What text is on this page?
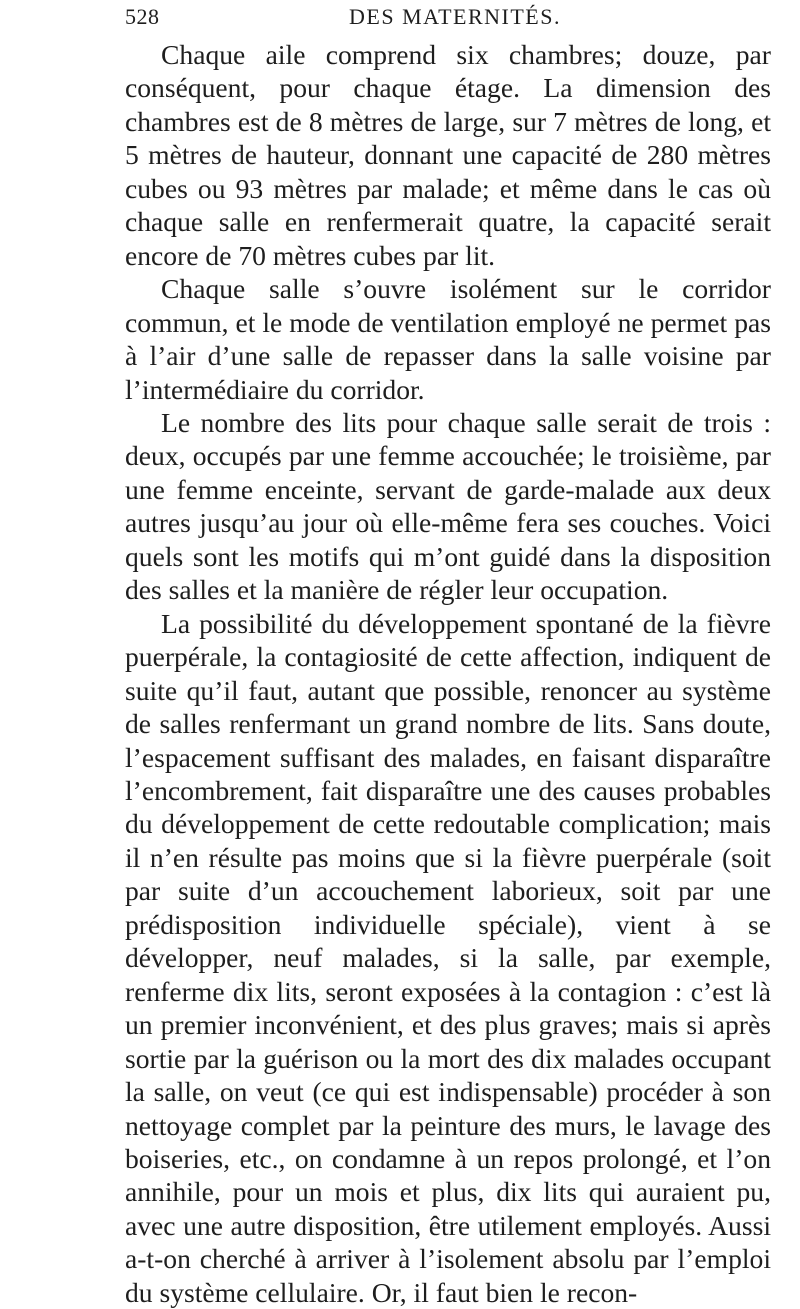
528	DES MATERNITÉS.

Chaque aile comprend six chambres; douze, par conséquent, pour chaque étage. La dimension des chambres est de 8 mètres de large, sur 7 mètres de long, et 5 mètres de hauteur, donnant une capacité de 280 mètres cubes ou 93 mètres par malade; et même dans le cas où chaque salle en renfermerait quatre, la capacité serait encore de 70 mètres cubes par lit.

Chaque salle s’ouvre isolément sur le corridor commun, et le mode de ventilation employé ne permet pas à l’air d’une salle de repasser dans la salle voisine par l’intermédiaire du corridor.

Le nombre des lits pour chaque salle serait de trois : deux, occupés par une femme accouchée; le troisième, par une femme enceinte, servant de garde-malade aux deux autres jusqu’au jour où elle-même fera ses couches. Voici quels sont les motifs qui m’ont guidé dans la disposition des salles et la manière de régler leur occupation.

La possibilité du développement spontané de la fièvre puerpérale, la contagiosité de cette affection, indiquent de suite qu’il faut, autant que possible, renoncer au système de salles renfermant un grand nombre de lits. Sans doute, l’espacement suffisant des malades, en faisant disparaître l’encombrement, fait disparaître une des causes probables du développement de cette redoutable complication; mais il n’en résulte pas moins que si la fièvre puerpérale (soit par suite d’un accouchement laborieux, soit par une prédisposition individuelle spéciale), vient à se développer, neuf malades, si la salle, par exemple, renferme dix lits, seront exposées à la contagion : c’est là un premier inconvénient, et des plus graves; mais si après sortie par la guérison ou la mort des dix malades occupant la salle, on veut (ce qui est indispensable) procéder à son nettoyage complet par la peinture des murs, le lavage des boiseries, etc., on condamne à un repos prolongé, et l’on annihile, pour un mois et plus, dix lits qui auraient pu, avec une autre disposition, être utilement employés. Aussi a-t-on cherché à arriver à l’isolement absolu par l’emploi du système cellulaire. Or, il faut bien le recon-
